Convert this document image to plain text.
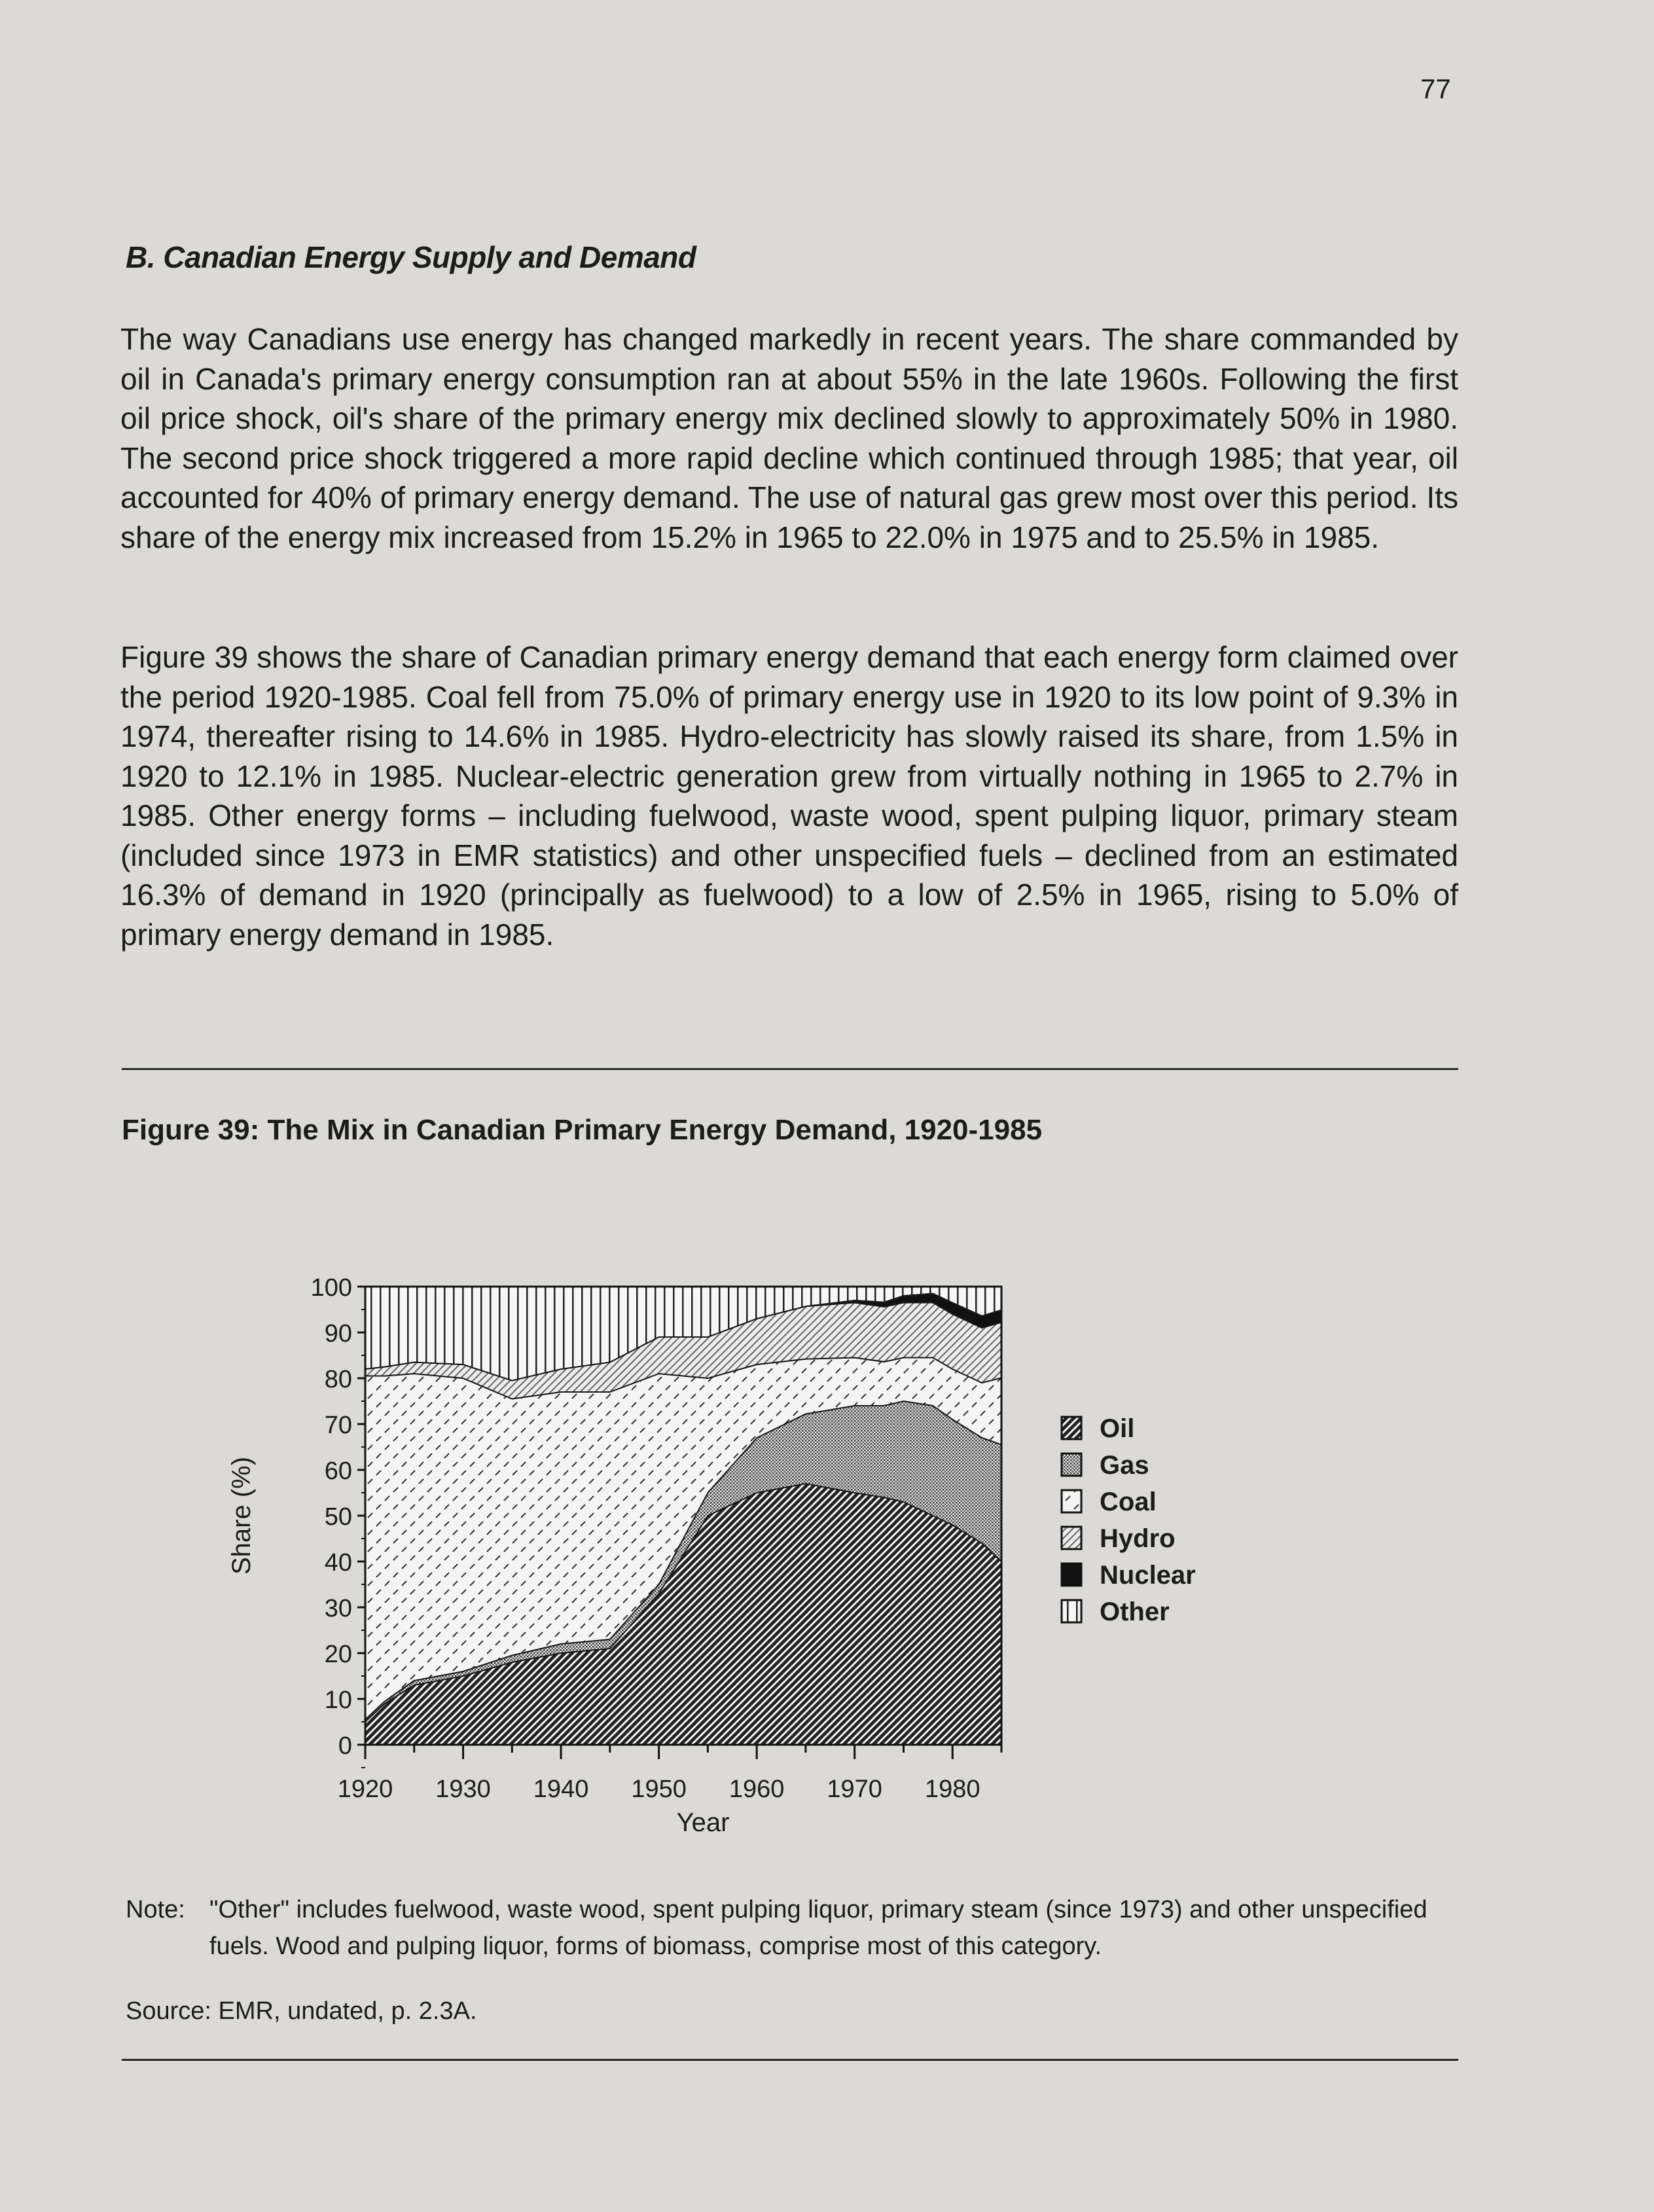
77
B. Canadian Energy Supply and Demand

The way Canadians use energy has changed markedly in recent years. The share commanded by oil in Canada's primary energy consumption ran at about 55% in the late 1960s. Following the first oil price shock, oil's share of the primary energy mix declined slowly to approximately 50% in 1980. The second price shock triggered a more rapid decline which continued through 1985; that year, oil accounted for 40% of primary energy demand. The use of natural gas grew most over this period. Its share of the energy mix increased from 15.2% in 1965 to 22.0% in 1975 and to 25.5% in 1985.

Figure 39 shows the share of Canadian primary energy demand that each energy form claimed over the period 1920-1985. Coal fell from 75.0% of primary energy use in 1920 to its low point of 9.3% in 1974, thereafter rising to 14.6% in 1985. Hydro-electricity has slowly raised its share, from 1.5% in 1920 to 12.1% in 1985. Nuclear-electric generation grew from virtually nothing in 1965 to 2.7% in 1985. Other energy forms – including fuelwood, waste wood, spent pulping liquor, primary steam (included since 1973 in EMR statistics) and other unspecified fuels – declined from an estimated 16.3% of demand in 1920 (principally as fuelwood) to a low of 2.5% in 1965, rising to 5.0% of primary energy demand in 1985.

Figure 39: The Mix in Canadian Primary Energy Demand, 1920-1985
0
10
20
30
40
50
60
70
80
90
100
1920 1930 1940 1950 1960 1970 1980
Year
Share (%)
Oil
Gas
Coal
Hydro
Nuclear
Other
Note: "Other" includes fuelwood, waste wood, spent pulping liquor, primary steam (since 1973) and other unspecified fuels. Wood and pulping liquor, forms of biomass, comprise most of this category.
Source: EMR, undated, p. 2.3A.
